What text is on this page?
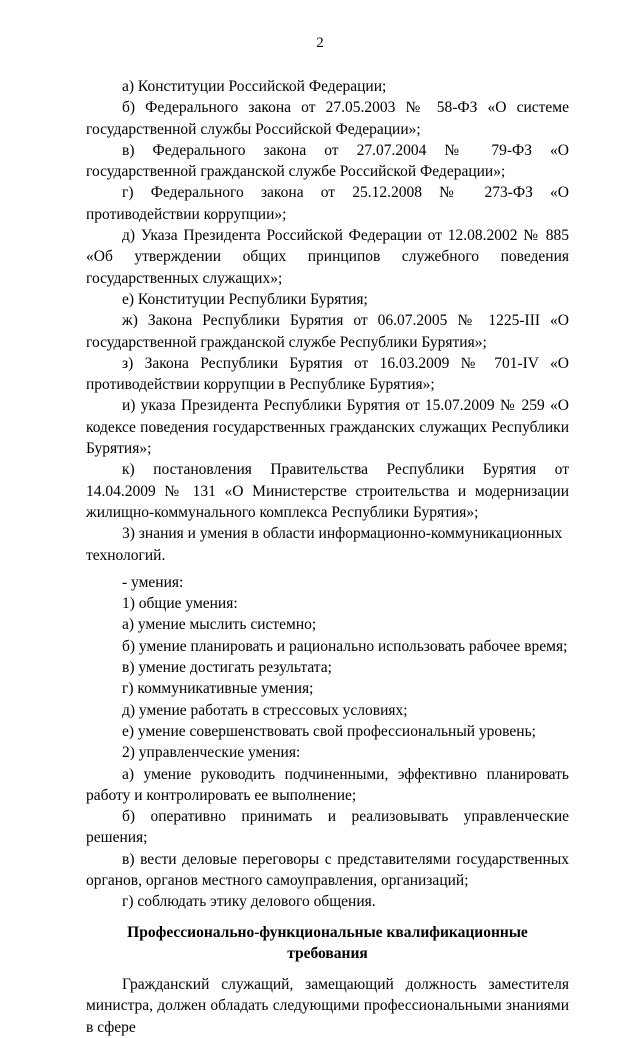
2

а) Конституции Российской Федерации;

б) Федерального закона от 27.05.2003 № 58-ФЗ «О системе государственной службы Российской Федерации»;

в) Федерального закона от 27.07.2004 № 79-ФЗ «О государственной гражданской службе Российской Федерации»;

г) Федерального закона от 25.12.2008 № 273-ФЗ «О противодействии коррупции»;

д) Указа Президента Российской Федерации от 12.08.2002 № 885 «Об утверждении общих принципов служебного поведения государственных служащих»;

е) Конституции Республики Бурятия;

ж) Закона Республики Бурятия от 06.07.2005 № 1225-III «О государственной гражданской службе Республики Бурятия»;

з) Закона Республики Бурятия от 16.03.2009 № 701-IV «О противодействии коррупции в Республике Бурятия»;

и) указа Президента Республики Бурятия от 15.07.2009 № 259 «О кодексе поведения государственных гражданских служащих Республики Бурятия»;

к) постановления Правительства Республики Бурятия от 14.04.2009 № 131 «О Министерстве строительства и модернизации жилищно-коммунального комплекса Республики Бурятия»;

3) знания и умения в области информационно-коммуникационных технологий.

- умения:

1) общие умения:

а) умение мыслить системно;

б) умение планировать и рационально использовать рабочее время;

в) умение достигать результата;

г) коммуникативные умения;

д) умение работать в стрессовых условиях;

е) умение совершенствовать свой профессиональный уровень;

2) управленческие умения:

а) умение руководить подчиненными, эффективно планировать работу и контролировать ее выполнение;

б) оперативно принимать и реализовывать управленческие решения;

в) вести деловые переговоры с представителями государственных органов, органов местного самоуправления, организаций;

г) соблюдать этику делового общения.

Профессионально-функциональные квалификационные

требования

Гражданский служащий, замещающий должность заместителя министра, должен обладать следующими профессиональными знаниями в сфере
